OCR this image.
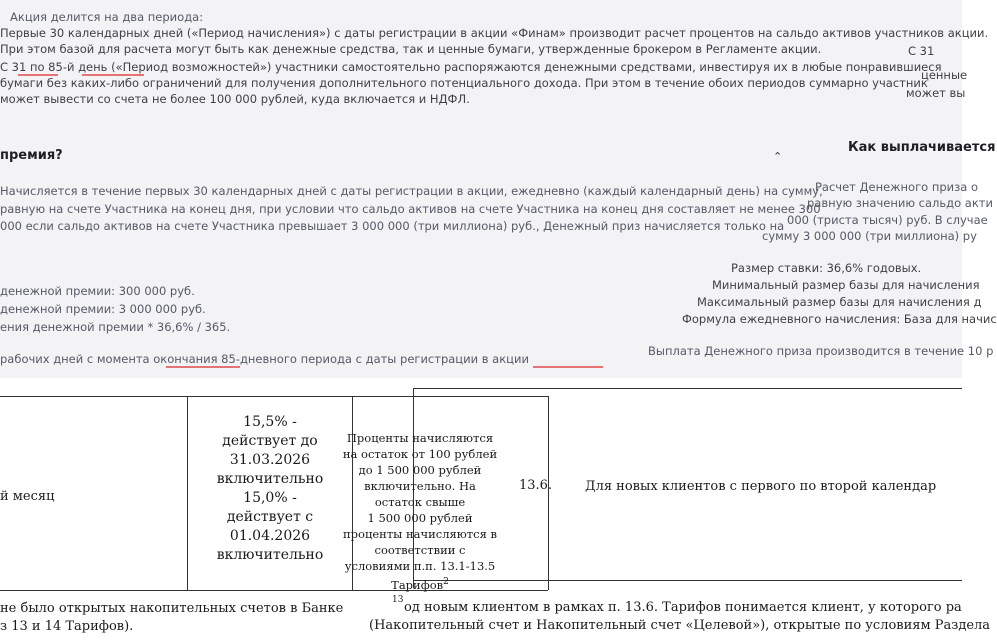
Акция делится на два периода:
Первые 30 календарных дней («Период начисления») с даты регистрации в акции «Финам» производит расчет процентов на сальдо активов участников акции.
При этом базой для расчета могут быть как денежные средства, так и ценные бумаги, утвержденные брокером в Регламенте акции.
С 31 по 85-й день («Период возможностей») участники самостоятельно распоряжаются денежными средствами, инвестируя их в любые понравившиеся
бумаги без каких-либо ограничений для получения дополнительного потенциального дохода. При этом в течение обоих периодов суммарно участник
может вывести со счета не более 100 000 рублей, куда включается и НДФЛ.
С 31
ценные
может вы
премия?	⌃
Как выплачивается
Начисляется в течение первых 30 календарных дней с даты регистрации в акции, ежедневно (каждый календарный день) на сумму,
равную на счете Участника на конец дня, при условии что сальдо активов на счете Участника на конец дня составляет не менее 300
000 если сальдо активов на счете Участника превышает 3 000 000 (три миллиона) руб., Денежный приз начисляется только на
денежной премии: 300 000 руб.
денежной премии: 3 000 000 руб.
ения денежной премии * 36,6% / 365.
рабочих дней с момента окончания 85-дневного периода с даты регистрации в акции
Расчет Денежного приза о
равную значению сальдо акти
000 (триста тысяч) руб. В случае
сумму 3 000 000 (три миллиона) ру
Размер ставки: 36,6% годовых.
Минимальный размер базы для начисления
Максимальный размер базы для начисления д
Формула ежедневного начисления: База для начис
Выплата Денежного приза производится в течение 10 р
й месяц
15,5% -
действует до
31.03.2026
включительно
15,0% -
действует с
01.04.2026
включительно
Проценты начисляются
на остаток от 100 рублей
до 1 500 000 рублей
включительно. На
остаток свыше
1 500 000 рублей
проценты начисляются в
соответствии с
условиями п.п. 13.1-13.5
Тарифов$^2$
13.6.	Для новых клиентов с первого по второй календар
не было открытых накопительных счетов в Банке
з 13 и 14 Тарифов).
13 од новым клиентом в рамках п. 13.6. Тарифов понимается клиент, у которого ра
(Накопительный счет и Накопительный счет «Целевой»), открытые по условиям Раздела
